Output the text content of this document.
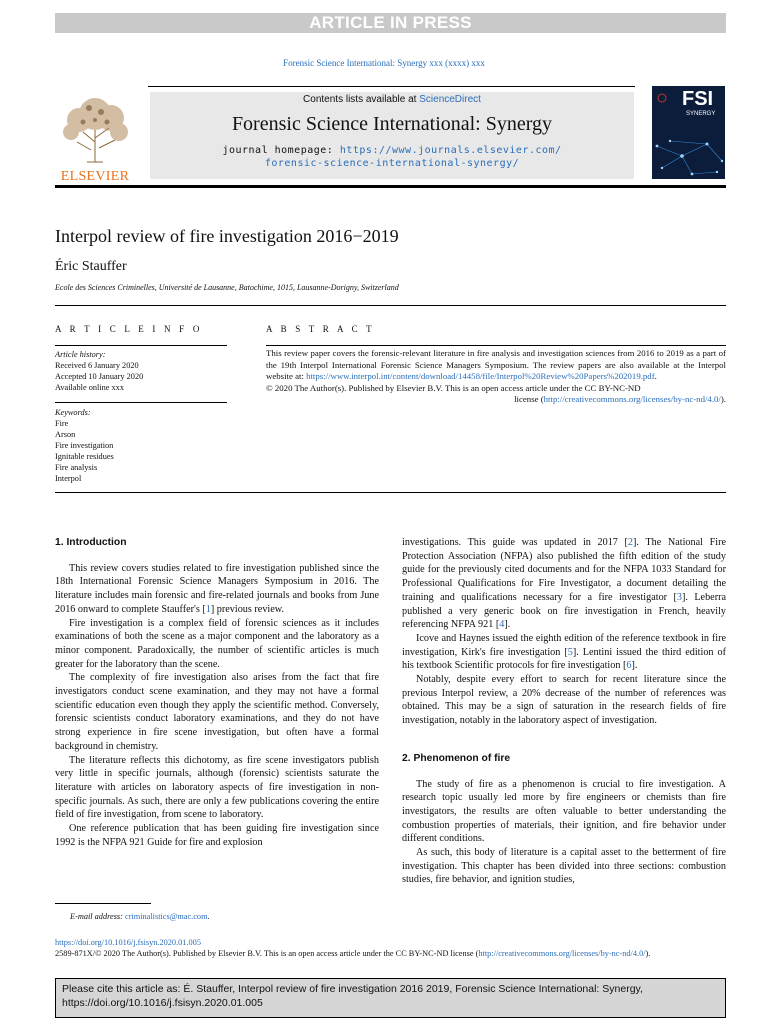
ARTICLE IN PRESS
Forensic Science International: Synergy xxx (xxxx) xxx
ELSEVIER
Contents lists available at ScienceDirect
Forensic Science International: Synergy
journal homepage: https://www.journals.elsevier.com/
forensic-science-international-synergy/
FSI
SYNERGY
Interpol review of fire investigation 2016−2019
Éric Stauffer
Ecole des Sciences Criminelles, Université de Lausanne, Batochime, 1015, Lausanne-Dorigny, Switzerland
A R T I C L E I N F O	A B S T R A C T
Article history:
Received 6 January 2020
Accepted 10 January 2020
Available online xxx
Keywords:
Fire
Arson
Fire investigation
Ignitable residues
Fire analysis
Interpol
This review paper covers the forensic-relevant literature in fire analysis and investigation sciences from 2016 to 2019 as a part of the 19th Interpol International Forensic Science Managers Symposium. The review papers are also available at the Interpol website at: https://www.interpol.int/content/download/14458/file/Interpol%20Review%20Papers%202019.pdf.
© 2020 The Author(s). Published by Elsevier B.V. This is an open access article under the CC BY-NC-ND
license (http://creativecommons.org/licenses/by-nc-nd/4.0/).
1. Introduction

This review covers studies related to fire investigation published since the 18th International Forensic Science Managers Symposium in 2016. The literature includes main forensic and fire-related journals and books from June 2016 onward to complete Stauffer's [1] previous review.

Fire investigation is a complex field of forensic sciences as it includes examinations of both the scene as a major component and the laboratory as a minor component. Paradoxically, the number of scientific articles is much greater for the laboratory than the scene.

The complexity of fire investigation also arises from the fact that fire investigators conduct scene examination, and they may not have a formal scientific education even though they apply the scientific method. Conversely, forensic scientists conduct laboratory examinations, and they do not have strong experience in fire scene investigation, but often have a formal background in chemistry.

The literature reflects this dichotomy, as fire scene investigators publish very little in specific journals, although (forensic) scientists saturate the literature with articles on laboratory aspects of fire investigation in non-specific journals. As such, there are only a few publications covering the entire field of fire investigation, from scene to laboratory.

One reference publication that has been guiding fire investigation since 1992 is the NFPA 921 Guide for fire and explosion

investigations. This guide was updated in 2017 [2]. The National Fire Protection Association (NFPA) also published the fifth edition of the study guide for the previously cited documents and for the NFPA 1033 Standard for Professional Qualifications for Fire Investigator, a document detailing the training and qualifications necessary for a fire investigator [3]. Leberra published a very generic book on fire investigation in French, heavily referencing NFPA 921 [4].

Icove and Haynes issued the eighth edition of the reference textbook in fire investigation, Kirk's fire investigation [5]. Lentini issued the third edition of his textbook Scientific protocols for fire investigation [6].

Notably, despite every effort to search for recent literature since the previous Interpol review, a 20% decrease of the number of references was obtained. This may be a sign of saturation in the research fields of fire investigation, notably in the laboratory aspect of investigation.

2. Phenomenon of fire

The study of fire as a phenomenon is crucial to fire investigation. A research topic usually led more by fire engineers or chemists than fire investigators, the results are often valuable to better understanding the combustion properties of materials, their ignition, and fire behavior under different conditions.

As such, this body of literature is a capital asset to the betterment of fire investigation. This chapter has been divided into three sections: combustion studies, fire behavior, and ignition studies,

E-mail address: criminalistics@mac.com.
https://doi.org/10.1016/j.fsisyn.2020.01.005
2589-871X/© 2020 The Author(s). Published by Elsevier B.V. This is an open access article under the CC BY-NC-ND license (http://creativecommons.org/licenses/by-nc-nd/4.0/).
Please cite this article as: É. Stauffer, Interpol review of fire investigation 2016 2019, Forensic Science International: Synergy, https://doi.org/10.1016/j.fsisyn.2020.01.005
